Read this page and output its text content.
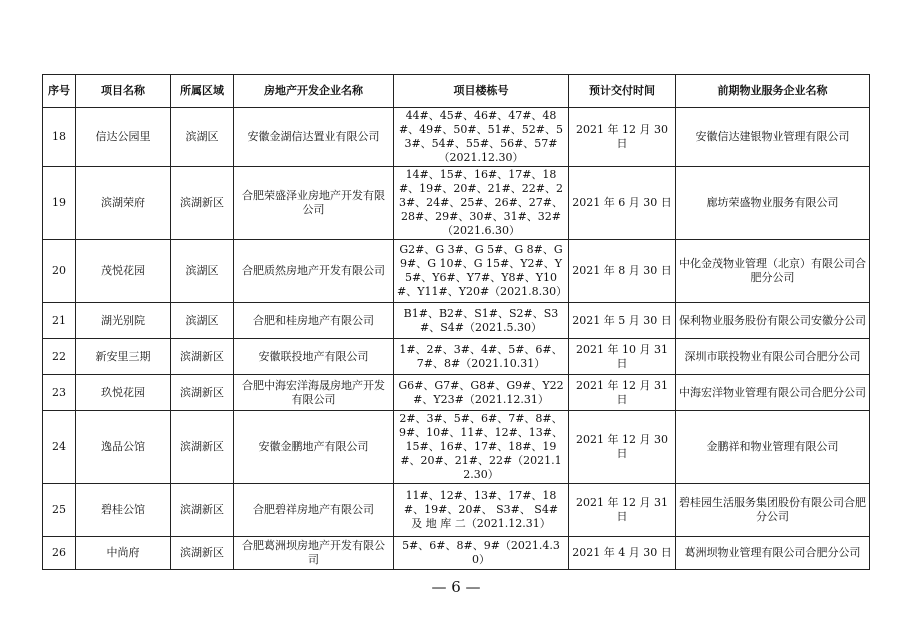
序号	项目名称	所属区域	房地产开发企业名称	项目楼栋号	预计交付时间	前期物业服务企业名称
18	信达公园里	滨湖区	安徽金湖信达置业有限公司	44#、45#、46#、47#、48#、49#、50#、51#、52#、53#、54#、55#、56#、57#（2021.12.30）	2021 年 12 月 30 日	安徽信达建银物业管理有限公司
19	滨湖荣府	滨湖新区	合肥荣盛泽业房地产开发有限公司	14#、15#、16#、17#、18#、19#、20#、21#、22#、23#、24#、25#、26#、27#、28#、29#、30#、31#、32#（2021.6.30）	2021 年 6 月 30 日	廊坊荣盛物业服务有限公司
20	茂悦花园	滨湖区	合肥质然房地产开发有限公司	G2#、G 3#、G 5#、G 8#、G 9#、G 10#、G 15#、Y2#、Y5#、Y6#、Y7#、Y8#、Y10#、Y11#、Y20#（2021.8.30）	2021 年 8 月 30 日	中化金茂物业管理（北京）有限公司合肥分公司
21	湖光别院	滨湖区	合肥和桂房地产有限公司	B1#、B2#、S1#、S2#、S3#、S4#（2021.5.30）	2021 年 5 月 30 日	保利物业服务股份有限公司安徽分公司
22	新安里三期	滨湖新区	安徽联投地产有限公司	1#、2#、3#、4#、5#、6#、7#、8#（2021.10.31）	2021 年 10 月 31 日	深圳市联投物业有限公司合肥分公司
23	玖悦花园	滨湖新区	合肥中海宏洋海晟房地产开发有限公司	G6#、G7#、G8#、G9#、Y22#、Y23#（2021.12.31）	2021 年 12 月 31 日	中海宏洋物业管理有限公司合肥分公司
24	逸品公馆	滨湖新区	安徽金鹏地产有限公司	2#、3#、5#、6#、7#、8#、9#、10#、11#、12#、13#、15#、16#、17#、18#、19#、20#、21#、22#（2021.12.30）	2021 年 12 月 30 日	金鹏祥和物业管理有限公司
25	碧桂公馆	滨湖新区	合肥碧祥房地产有限公司	11#、12#、13#、17#、18#、19#、20#、 S3#、 S4# 及 地 库 二（2021.12.31）	2021 年 12 月 31 日	碧桂园生活服务集团股份有限公司合肥分公司
26	中尚府	滨湖新区	合肥葛洲坝房地产开发有限公司	5#、6#、8#、9#（2021.4.30）	2021 年 4 月 30 日	葛洲坝物业管理有限公司合肥分公司
— 6 —
